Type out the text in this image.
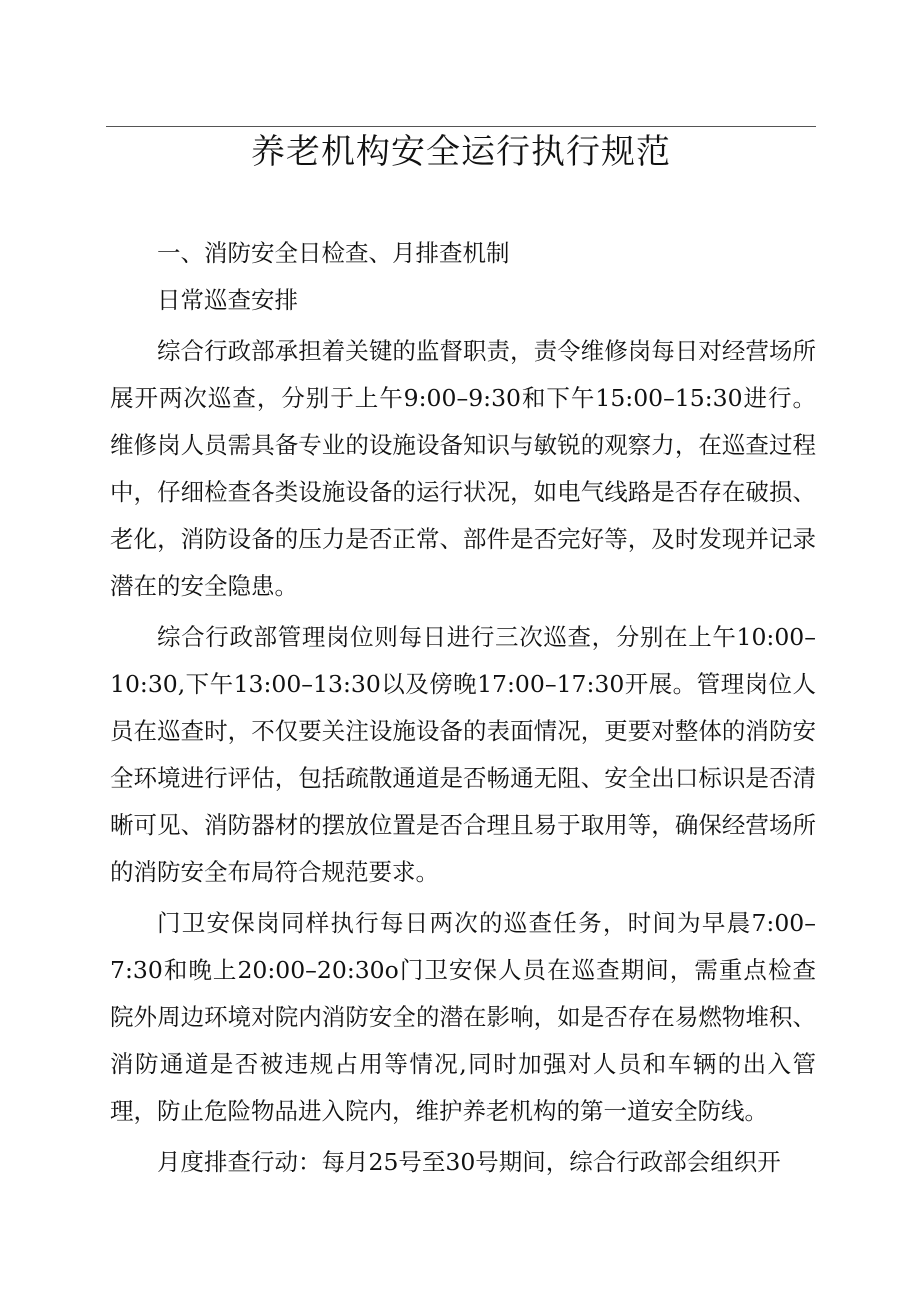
养老机构安全运行执行规范

一、消防安全日检查、月排查机制

日常巡查安排

综合行政部承担着关键的监督职责，责令维修岗每日对经营场所展开两次巡查，分别于上午9:00–9:30和下午15:00–15:30进行。维修岗人员需具备专业的设施设备知识与敏锐的观察力，在巡查过程中，仔细检查各类设施设备的运行状况，如电气线路是否存在破损、老化，消防设备的压力是否正常、部件是否完好等，及时发现并记录潜在的安全隐患。

综合行政部管理岗位则每日进行三次巡查，分别在上午10:00–10:30,下午13:00–13:30以及傍晚17:00–17:30开展。管理岗位人员在巡查时，不仅要关注设施设备的表面情况，更要对整体的消防安全环境进行评估，包括疏散通道是否畅通无阻、安全出口标识是否清晰可见、消防器材的摆放位置是否合理且易于取用等，确保经营场所的消防安全布局符合规范要求。

门卫安保岗同样执行每日两次的巡查任务，时间为早晨7:00–7:30和晚上20:00–20:30o门卫安保人员在巡查期间，需重点检查院外周边环境对院内消防安全的潜在影响，如是否存在易燃物堆积、消防通道是否被违规占用等情况,同时加强对人员和车辆的出入管理，防止危险物品进入院内，维护养老机构的第一道安全防线。

月度排查行动：每月25号至30号期间，综合行政部会组织开
